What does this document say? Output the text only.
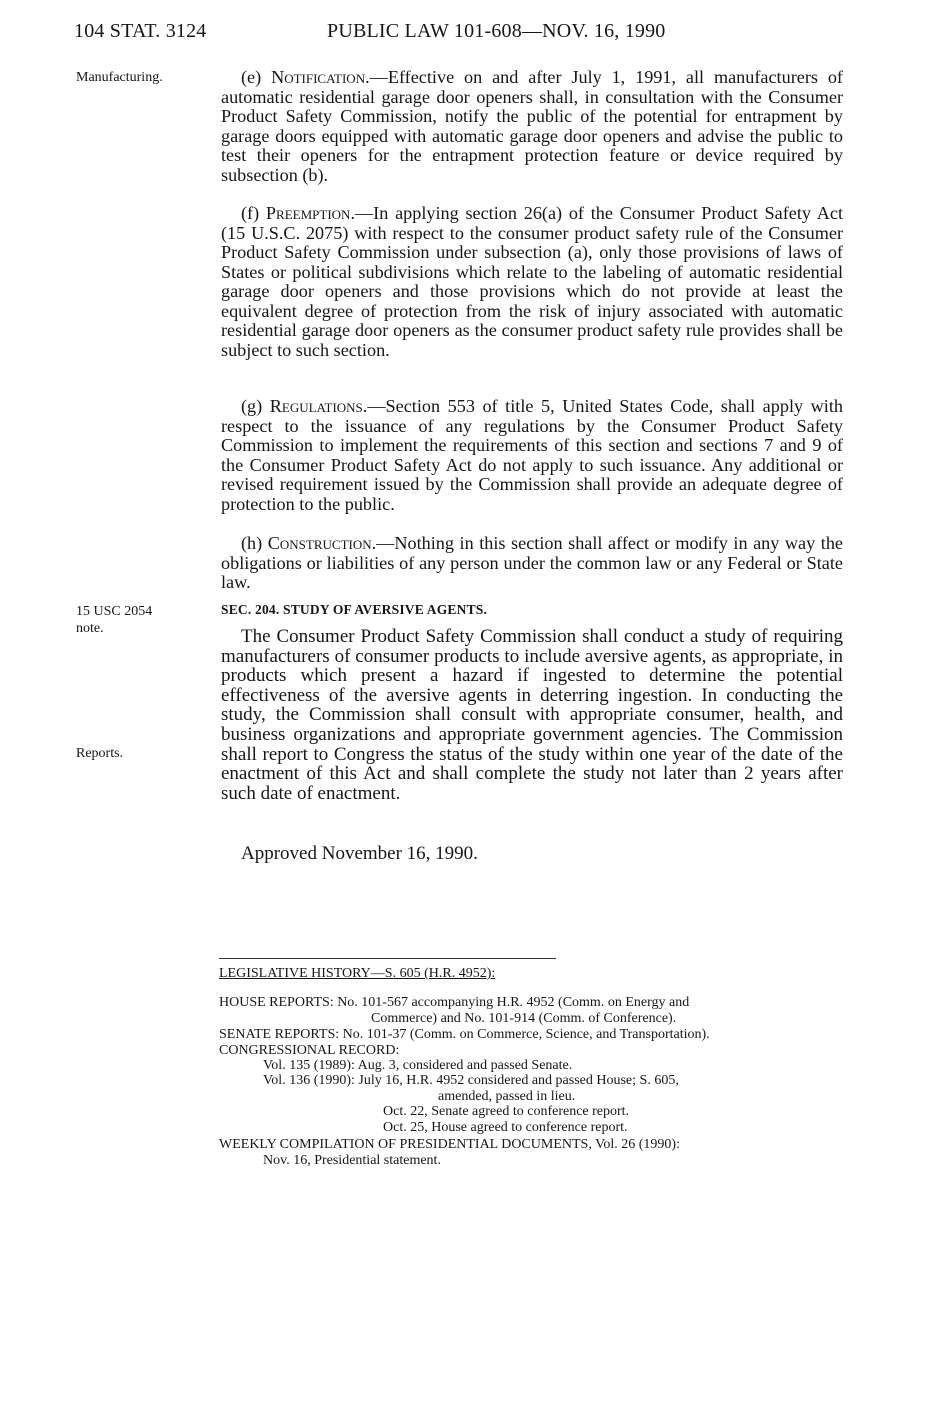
104 STAT. 3124	PUBLIC LAW 101-608—NOV. 16, 1990
Manufacturing.
15 USC 2054
note.
Reports.

(e) Notification.—Effective on and after July 1, 1991, all manufacturers of automatic residential garage door openers shall, in consultation with the Consumer Product Safety Commission, notify the public of the potential for entrapment by garage doors equipped with automatic garage door openers and advise the public to test their openers for the entrapment protection feature or device required by subsection (b).

(f) Preemption.—In applying section 26(a) of the Consumer Product Safety Act (15 U.S.C. 2075) with respect to the consumer product safety rule of the Consumer Product Safety Commission under subsection (a), only those provisions of laws of States or political subdivisions which relate to the labeling of automatic residential garage door openers and those provisions which do not provide at least the equivalent degree of protection from the risk of injury associated with automatic residential garage door openers as the consumer product safety rule provides shall be subject to such section.

(g) Regulations.—Section 553 of title 5, United States Code, shall apply with respect to the issuance of any regulations by the Consumer Product Safety Commission to implement the requirements of this section and sections 7 and 9 of the Consumer Product Safety Act do not apply to such issuance. Any additional or revised requirement issued by the Commission shall provide an adequate degree of protection to the public.

(h) Construction.—Nothing in this section shall affect or modify in any way the obligations or liabilities of any person under the common law or any Federal or State law.

SEC. 204. STUDY OF AVERSIVE AGENTS.

The Consumer Product Safety Commission shall conduct a study of requiring manufacturers of consumer products to include aversive agents, as appropriate, in products which present a hazard if ingested to determine the potential effectiveness of the aversive agents in deterring ingestion. In conducting the study, the Commission shall consult with appropriate consumer, health, and business organizations and appropriate government agencies. The Commission shall report to Congress the status of the study within one year of the date of the enactment of this Act and shall complete the study not later than 2 years after such date of enactment.

Approved November 16, 1990.
LEGISLATIVE HISTORY—S. 605 (H.R. 4952):
HOUSE REPORTS: No. 101-567 accompanying H.R. 4952 (Comm. on Energy and
Commerce) and No. 101-914 (Comm. of Conference).
SENATE REPORTS: No. 101-37 (Comm. on Commerce, Science, and Transportation).
CONGRESSIONAL RECORD:
Vol. 135 (1989): Aug. 3, considered and passed Senate.
Vol. 136 (1990): July 16, H.R. 4952 considered and passed House; S. 605,
amended, passed in lieu.
Oct. 22, Senate agreed to conference report.
Oct. 25, House agreed to conference report.
WEEKLY COMPILATION OF PRESIDENTIAL DOCUMENTS, Vol. 26 (1990):
Nov. 16, Presidential statement.
